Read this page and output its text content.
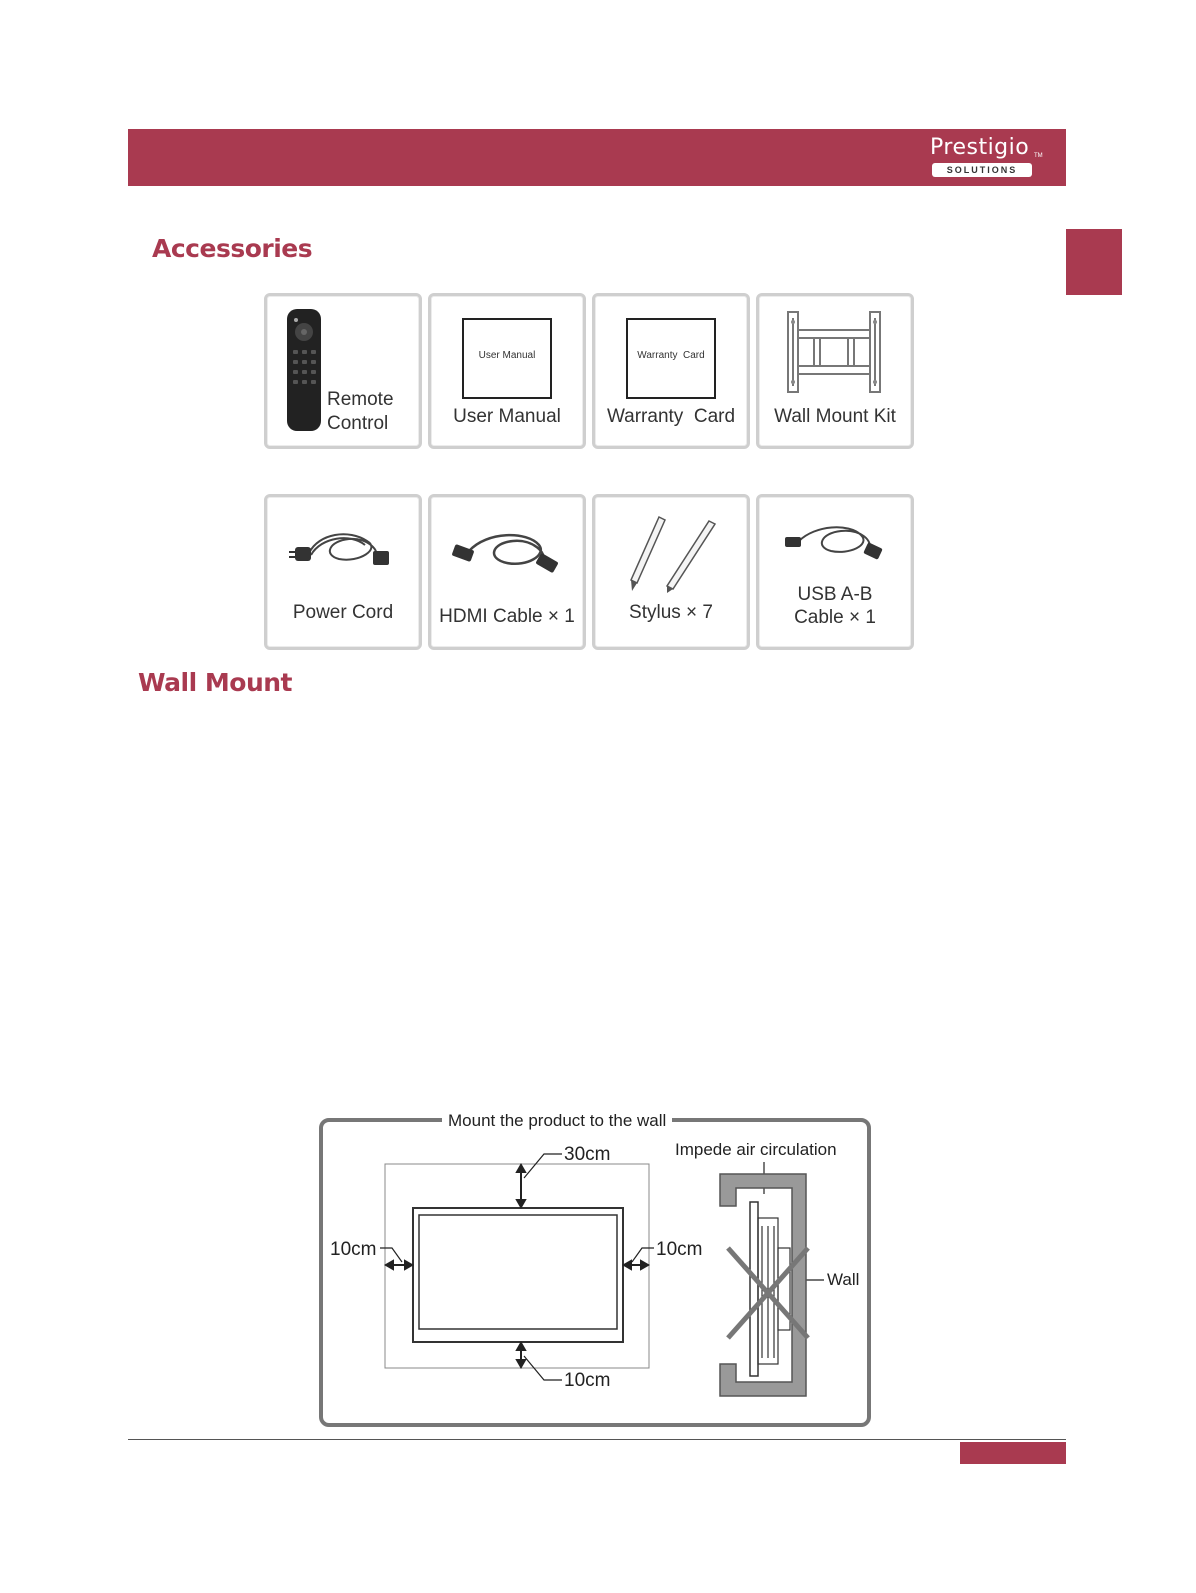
Prestigio TM
SOLUTIONS
Accessories
Remote
Control
User Manual
User Manual
Warranty  Card
Warranty  Card	Wall Mount Kit
Power Cord	HDMI Cable × 1	Stylus × 7
USB A-B
Cable × 1
Wall Mount
Mount the product to the wall
30cm
10cm	10cm
10cm
Impede air circulation
Wall
